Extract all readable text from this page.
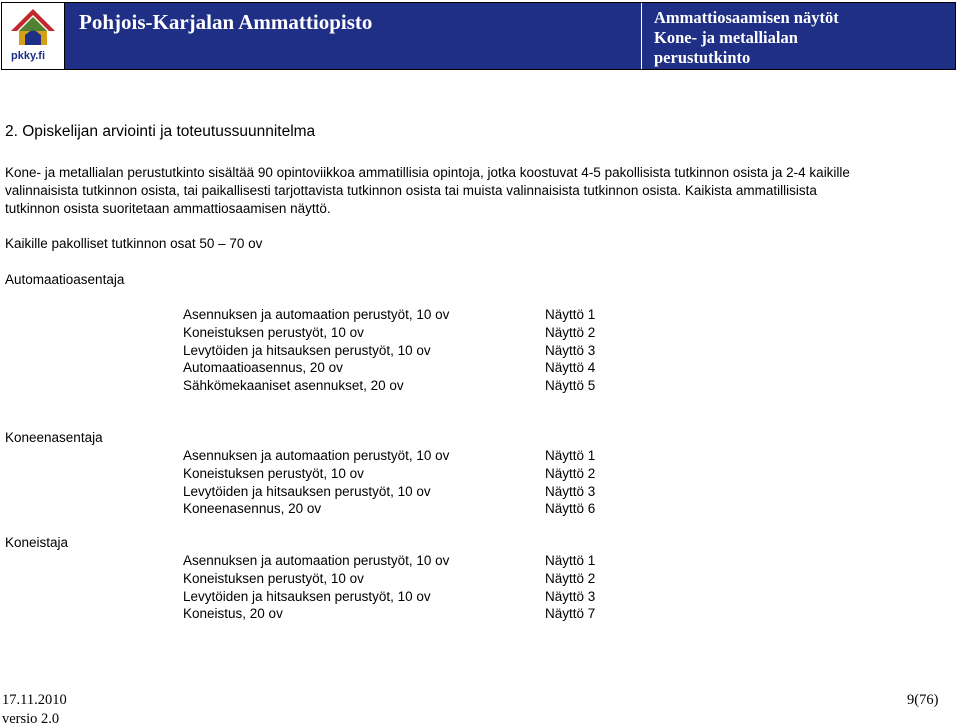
pkky.fi
Pohjois-Karjalan Ammattiopisto	Ammattiosaamisen näytöt
Kone- ja metallialan
perustutkinto
2. Opiskelijan arviointi ja toteutussuunnitelma
Kone- ja metallialan perustutkinto sisältää 90 opintoviikkoa ammatillisia opintoja, jotka koostuvat 4-5 pakollisista tutkinnon osista ja 2-4 kaikille
valinnaisista tutkinnon osista, tai paikallisesti tarjottavista tutkinnon osista tai muista valinnaisista tutkinnon osista. Kaikista ammatillisista
tutkinnon osista suoritetaan ammattiosaamisen näyttö.
Kaikille pakolliset tutkinnon osat 50 – 70 ov
Automaatioasentaja
Asennuksen ja automaation perustyöt, 10 ov	Näyttö 1
Koneistuksen perustyöt, 10 ov	Näyttö 2
Levytöiden ja hitsauksen perustyöt, 10 ov	Näyttö 3
Automaatioasennus, 20 ov	Näyttö 4
Sähkömekaaniset asennukset, 20 ov	Näyttö 5
Koneenasentaja
Asennuksen ja automaation perustyöt, 10 ov	Näyttö 1
Koneistuksen perustyöt, 10 ov	Näyttö 2
Levytöiden ja hitsauksen perustyöt, 10 ov	Näyttö 3
Koneenasennus, 20 ov	Näyttö 6
Koneistaja
Asennuksen ja automaation perustyöt, 10 ov	Näyttö 1
Koneistuksen perustyöt, 10 ov	Näyttö 2
Levytöiden ja hitsauksen perustyöt, 10 ov	Näyttö 3
Koneistus, 20 ov	Näyttö 7
17.11.2010
versio 2.0
9(76)
